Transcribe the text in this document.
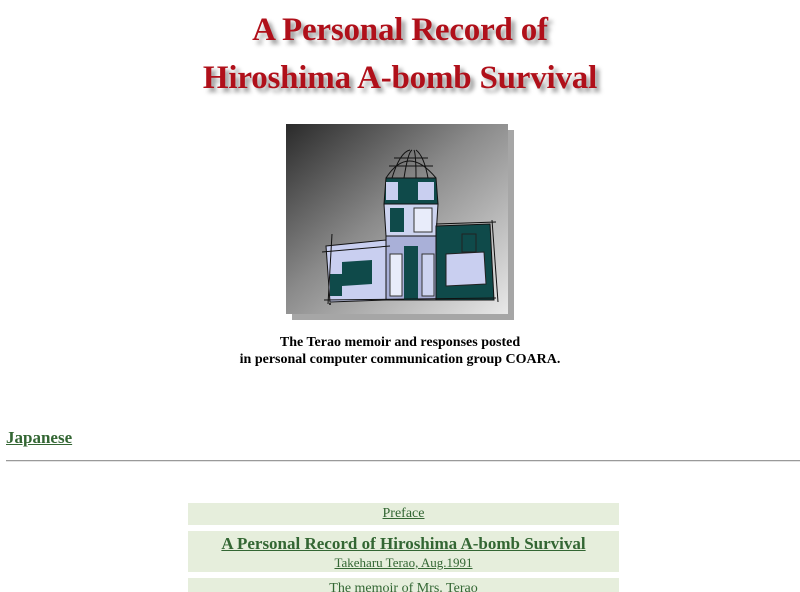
A Personal Record of
Hiroshima A-bomb Survival
The Terao memoir and responses posted
in personal computer communication group COARA.
Japanese
Preface
A Personal Record of Hiroshima A-bomb Survival
Takeharu Terao, Aug.1991
The memoir of Mrs. Terao
